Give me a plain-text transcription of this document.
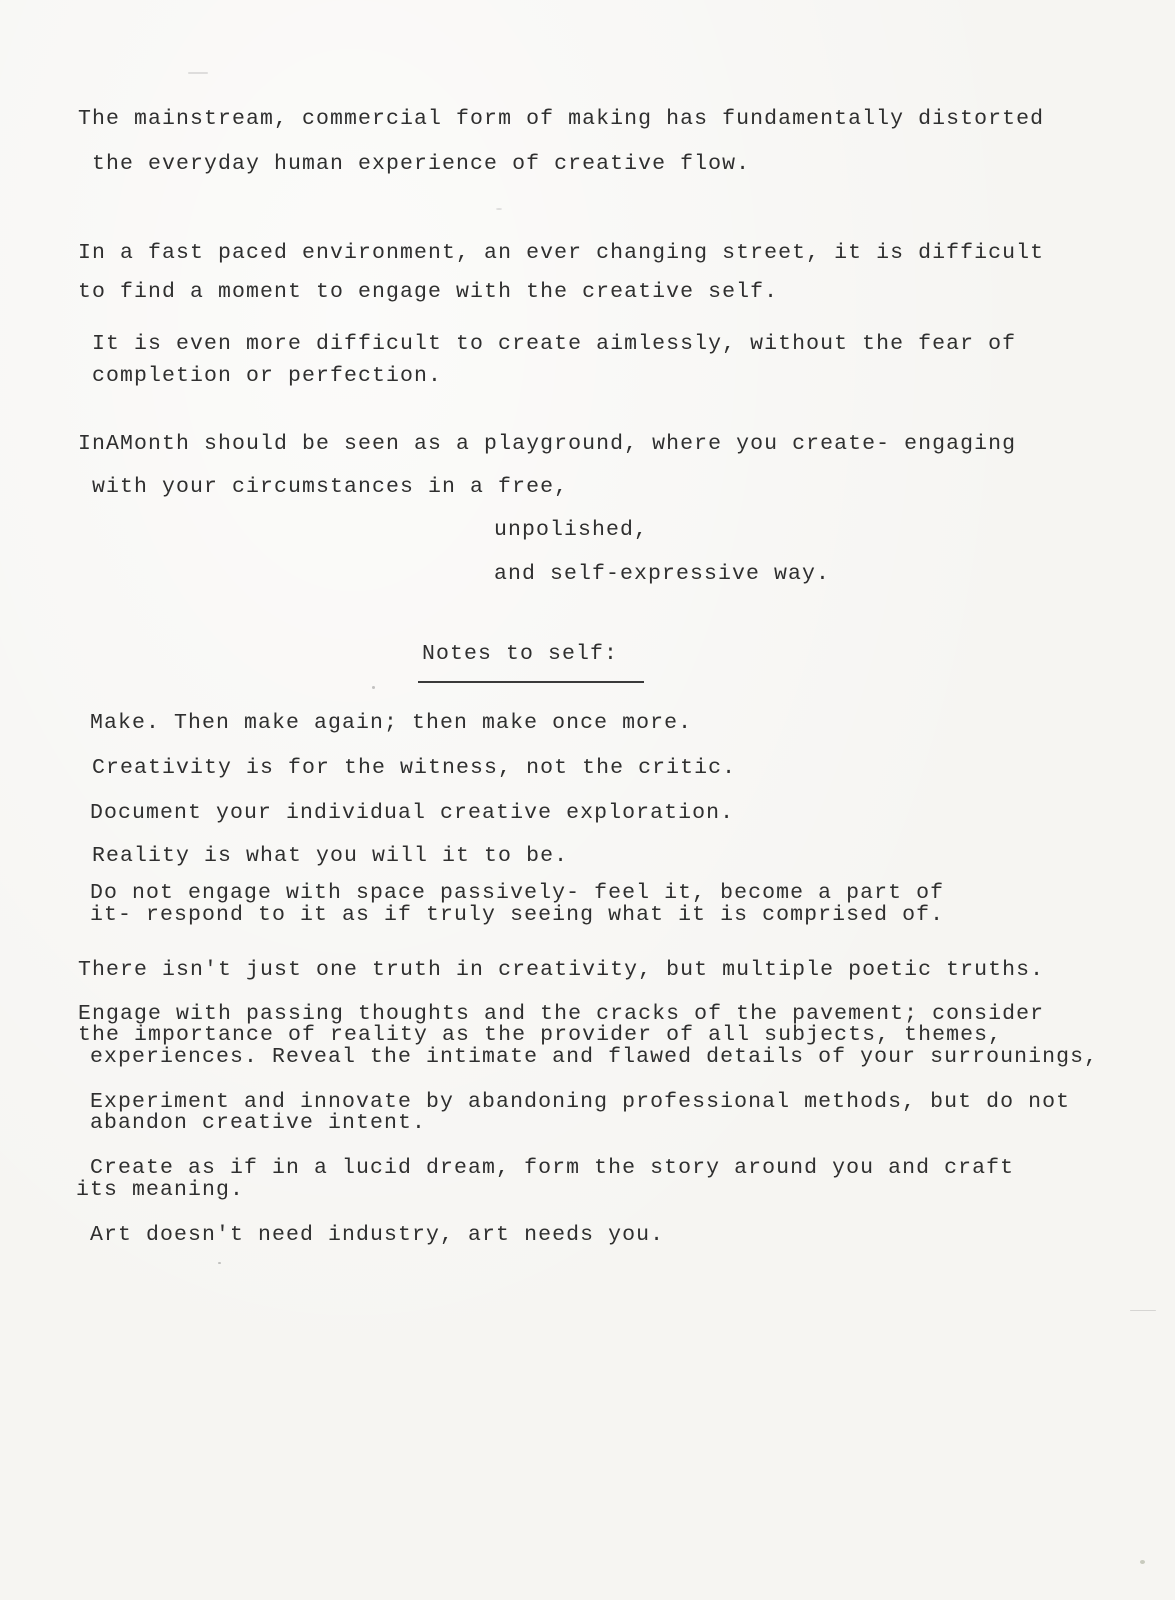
The mainstream, commercial form of making has fundamentally distorted
the everyday human experience of creative flow.
In a fast paced environment, an ever changing street, it is difficult
to find a moment to engage with the creative self.
It is even more difficult to create aimlessly, without the fear of
completion or perfection.
InAMonth should be seen as a playground, where you create- engaging
with your circumstances in a free,
unpolished,
and self-expressive way.
Notes to self:
Make. Then make again; then make once more.
Creativity is for the witness, not the critic.
Document your individual creative exploration.
Reality is what you will it to be.
Do not engage with space passively- feel it, become a part of
it- respond to it as if truly seeing what it is comprised of.
There isn't just one truth in creativity, but multiple poetic truths.
Engage with passing thoughts and the cracks of the pavement; consider
the importance of reality as the provider of all subjects, themes,
experiences. Reveal the intimate and flawed details of your surrounings,
Experiment and innovate by abandoning professional methods, but do not
abandon creative intent.
Create as if in a lucid dream, form the story around you and craft
its meaning.
Art doesn't need industry, art needs you.
